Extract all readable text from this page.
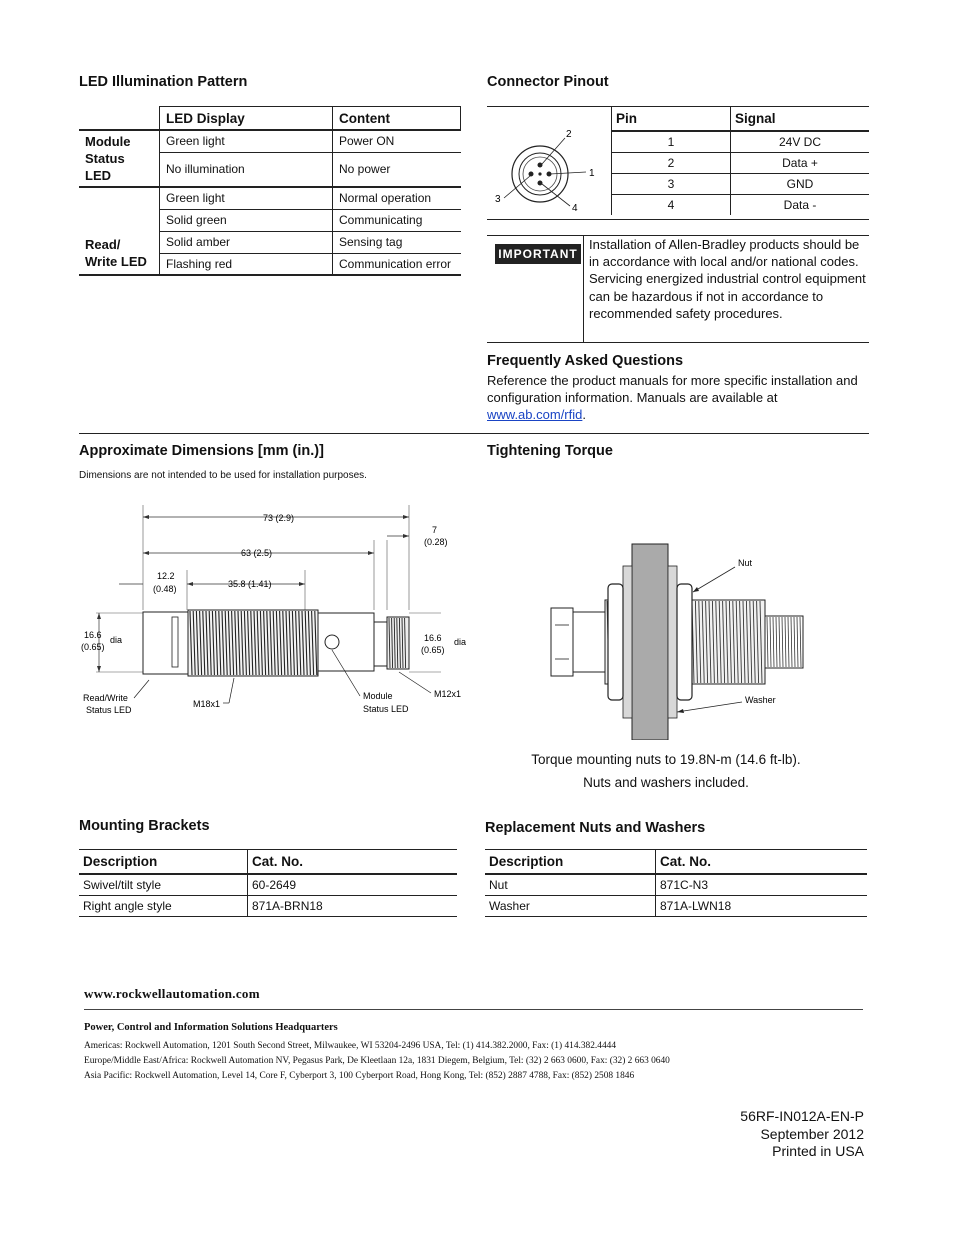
LED Illumination Pattern
	LED Display	Content
Module Status LED	Green light	Power ON
	No illumination	No power
Read/ Write LED	Green light	Normal operation
	Solid green	Communicating
	Solid amber	Sensing tag
	Flashing red	Communication error
Connector Pinout
2
1
3
4
Pin	Signal
1	24V DC
2	Data +
3	GND
4	Data -
IMPORTANT
Installation of Allen-Bradley products should be in accordance with local and/or national codes. Servicing energized industrial control equipment can be hazardous if not in accordance to recommended safety procedures.
Frequently Asked Questions
Reference the product manuals for more specific installation and configuration information. Manuals are available at www.ab.com/rfid.
Approximate Dimensions [mm (in.)]
Dimensions are not intended to be used for installation purposes.
73 (2.9)
63 (2.5)
7
(0.28)
12.2
(0.48)	35.8 (1.41)
16.6
(0.65)
dia	16.6
(0.65)
dia
Read/Write
Status LED
M18x1
Module
Status LED
M12x1
Tightening Torque
Nut
Washer
Torque mounting nuts to 19.8N-m (14.6 ft-lb).
Nuts and washers included.
Mounting Brackets
Description	Cat. No.
Swivel/tilt style	60-2649
Right angle style	871A-BRN18
Replacement Nuts and Washers
Description	Cat. No.
Nut	871C-N3
Washer	871A-LWN18
www.rockwellautomation.com
Power, Control and Information Solutions Headquarters
Americas: Rockwell Automation, 1201 South Second Street, Milwaukee, WI 53204-2496 USA, Tel: (1) 414.382.2000, Fax: (1) 414.382.4444
Europe/Middle East/Africa: Rockwell Automation NV, Pegasus Park, De Kleetlaan 12a, 1831 Diegem, Belgium, Tel: (32) 2 663 0600, Fax: (32) 2 663 0640
Asia Pacific: Rockwell Automation, Level 14, Core F, Cyberport 3, 100 Cyberport Road, Hong Kong, Tel: (852) 2887 4788, Fax: (852) 2508 1846
56RF-IN012A-EN-P
September 2012
Printed in USA
